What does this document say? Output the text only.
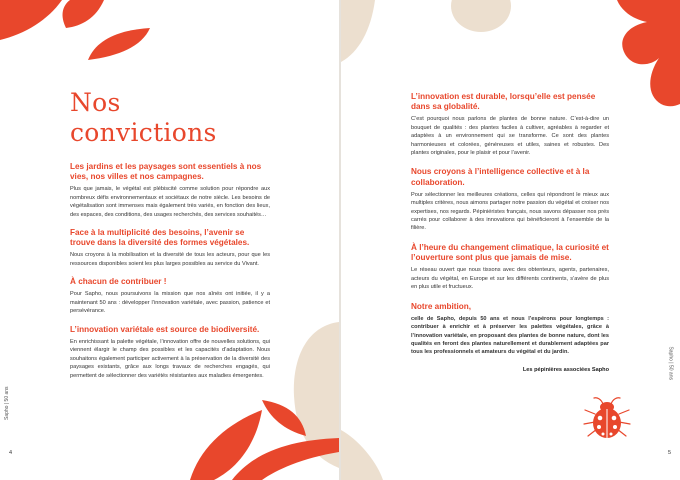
Nos convictions
Les jardins et les paysages sont essentiels à nos vies, nos villes et nos campagnes.

Plus que jamais, le végétal est plébiscité comme solution pour répondre aux nombreux défis environnementaux et sociétaux de notre siècle. Les besoins de végétalisation sont immenses mais également très variés, en fonction des lieux, des espaces, des conditions, des usages recherchés, des services souhaités…

Face à la multiplicité des besoins, l’avenir se trouve dans la diversité des formes végétales.

Nous croyons à la mobilisation et la diversité de tous les acteurs, pour que les ressources disponibles soient les plus larges possibles au service du Vivant.

À chacun de contribuer !

Pour Sapho, nous poursuivons la mission que nos aînés ont initiée, il y a maintenant 50 ans : développer l’innovation variétale, avec passion, patience et persévérance.

L’innovation variétale est source de biodiversité.

En enrichissant la palette végétale, l’innovation offre de nouvelles solutions, qui viennent élargir le champ des possibles et les capacités d’adaptation. Nous souhaitons également participer activement à la préservation de la diversité des paysages existants, grâce aux longs travaux de recherches engagés, qui permettent de sélectionner des variétés résistantes aux maladies émergentes.

Sapho | 50 ans
4
L’innovation est durable, lorsqu’elle est pensée dans sa globalité.

C’est pourquoi nous parlons de plantes de bonne nature. C’est-à-dire un bouquet de qualités : des plantes faciles à cultiver, agréables à regarder et adaptées à un environnement qui se transforme. Ce sont des plantes harmonieuses et colorées, généreuses et utiles, saines et robustes. Des plantes originales, pour le plaisir et pour l’avenir.

Nous croyons à l’intelligence collective et à la collaboration.

Pour sélectionner les meilleures créations, celles qui répondront le mieux aux multiples critères, nous aimons partager notre passion du végétal et croiser nos expertises, nos regards. Pépiniéristes français, nous savons dépasser nos prés carrés pour collaborer à des innovations qui bénéficieront à l’ensemble de la filière.

À l’heure du changement climatique, la curiosité et l’ouverture sont plus que jamais de mise.

Le réseau ouvert que nous tissons avec des obtenteurs, agents, partenaires, acteurs du végétal, en Europe et sur les différents continents, s’avère de plus en plus utile et fructueux.

Notre ambition,

celle de Sapho, depuis 50 ans et nous l’espérons pour longtemps : contribuer à enrichir et à préserver les palettes végétales, grâce à l’innovation variétale, en proposant des plantes de bonne nature, dont les qualités en feront des plantes naturellement et durablement adaptées par tous les professionnels et amateurs du végétal et du jardin.

Les pépinières associées Sapho	Sapho | 50 ans
5
